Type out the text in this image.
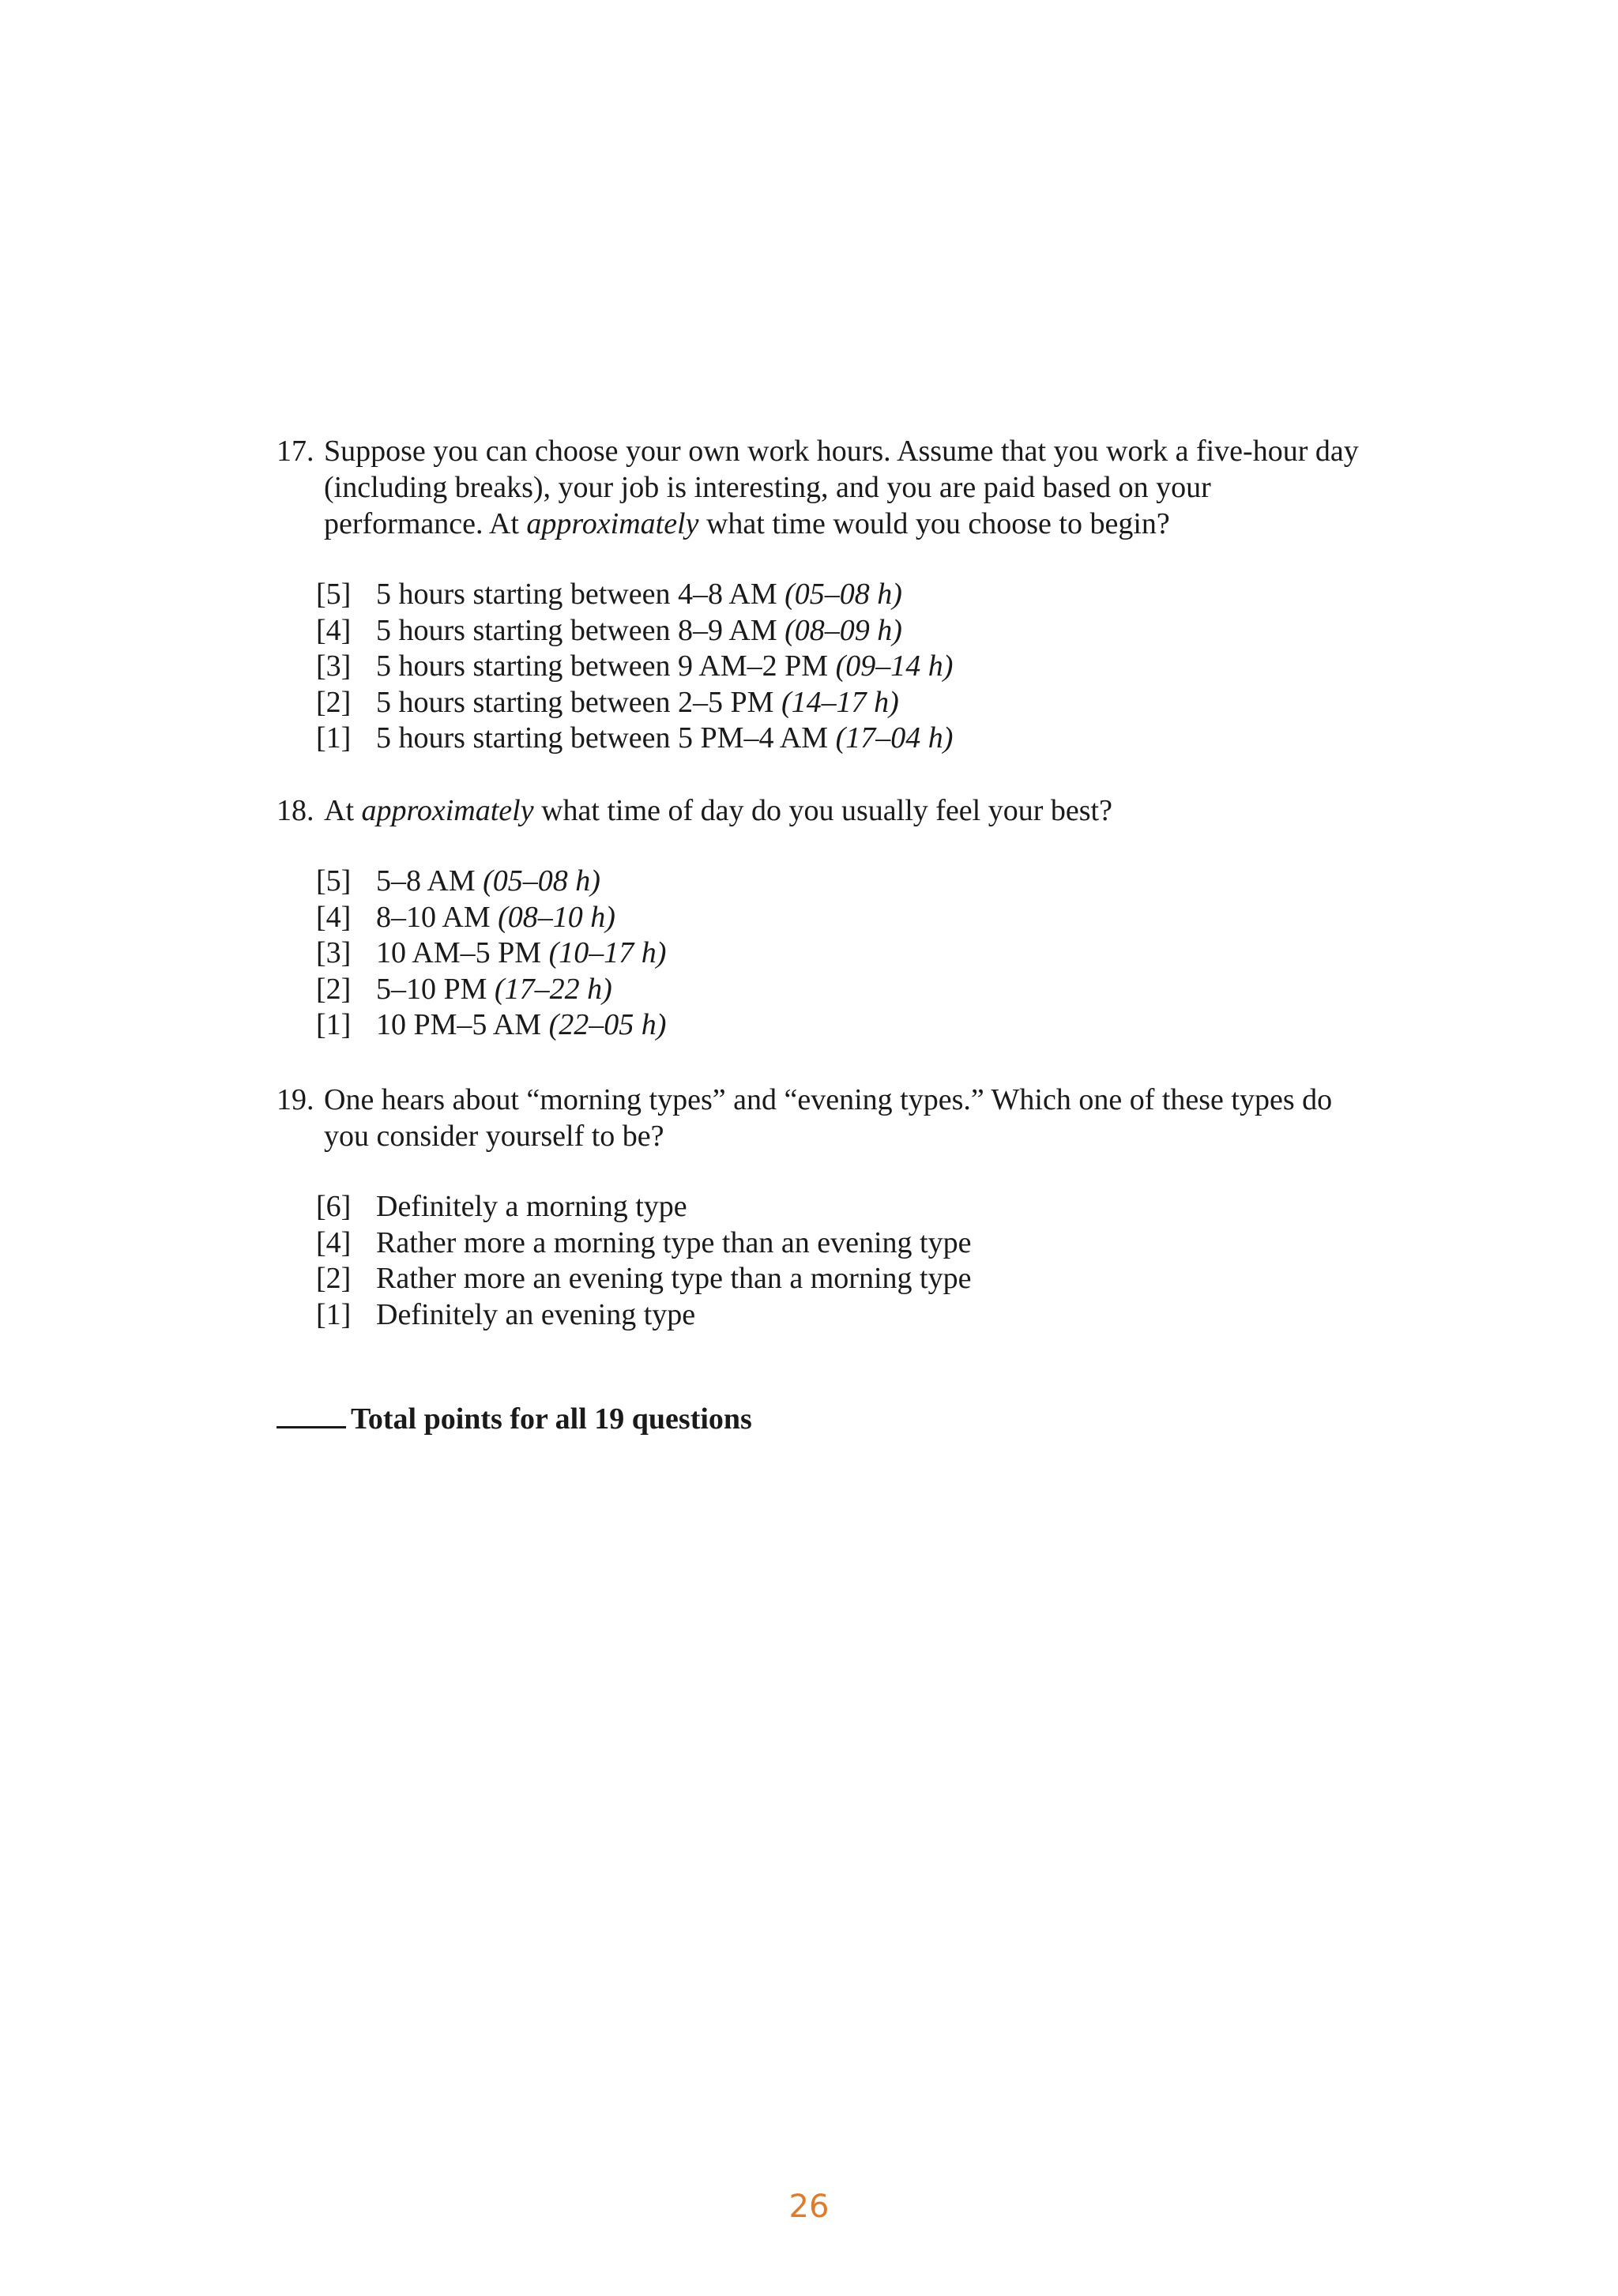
17. Suppose you can choose your own work hours. Assume that you work a five-hour day
(including breaks), your job is interesting, and you are paid based on your
performance. At approximately what time would you choose to begin?
[5] 5 hours starting between 4–8 AM (05–08 h)
[4] 5 hours starting between 8–9 AM (08–09 h)
[3] 5 hours starting between 9 AM–2 PM (09–14 h)
[2] 5 hours starting between 2–5 PM (14–17 h)
[1] 5 hours starting between 5 PM–4 AM (17–04 h)
18. At approximately what time of day do you usually feel your best?
[5] 5–8 AM (05–08 h)
[4] 8–10 AM (08–10 h)
[3] 10 AM–5 PM (10–17 h)
[2] 5–10 PM (17–22 h)
[1] 10 PM–5 AM (22–05 h)
19. One hears about “morning types” and “evening types.” Which one of these types do
you consider yourself to be?
[6] Definitely a morning type
[4] Rather more a morning type than an evening type
[2] Rather more an evening type than a morning type
[1] Definitely an evening type
Total points for all 19 questions
26
